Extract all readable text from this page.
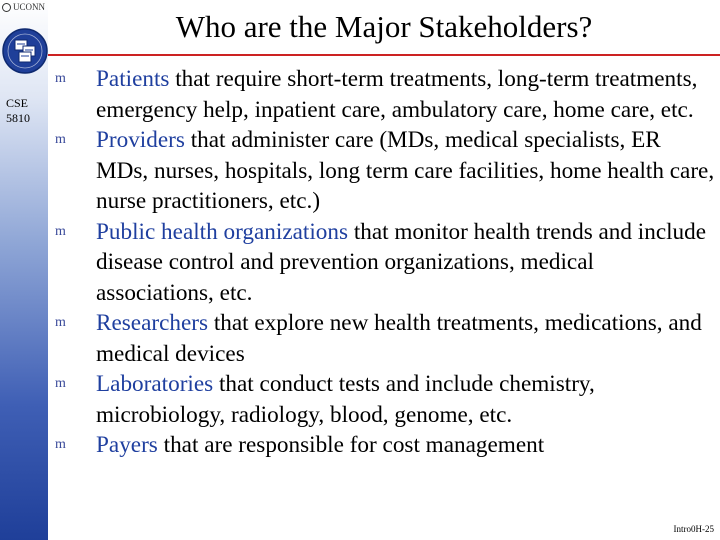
UCONN
CSE
5810
Who are the Major Stakeholders?
m Patients that require short-term treatments, long-term treatments, emergency help, inpatient care, ambulatory care, home care, etc.
m Providers that administer care (MDs, medical specialists, ER MDs, nurses, hospitals, long term care facilities, home health care, nurse practitioners, etc.)
m Public health organizations that monitor health trends and include disease control and prevention organizations, medical associations, etc.
m Researchers that explore new health treatments, medications, and medical devices
m Laboratories that conduct tests and include chemistry, microbiology, radiology, blood, genome, etc.
m Payers that are responsible for cost management
Intro0H-25
